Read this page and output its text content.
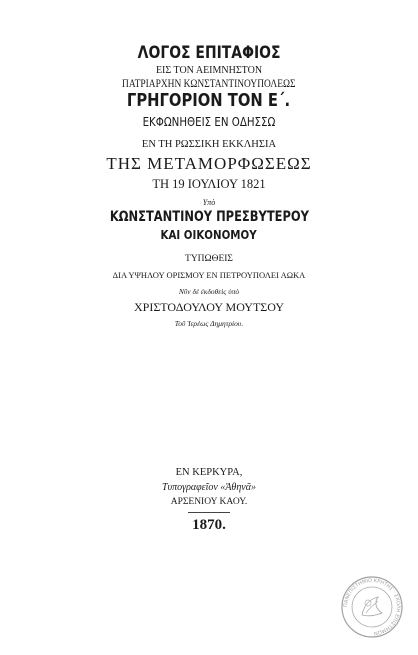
ΛΟΓΟΣ ΕΠΙΤΑΦΙΟΣ
ΕΙΣ ΤΟΝ ΑΕΙΜΝΗΣΤΟΝ
ΠΑΤΡΙΑΡΧΗΝ ΚΩΝΣΤΑΝΤΙΝΟΥΠΟΛΕΩΣ
ΓΡΗΓΟΡΙΟΝ ΤΟΝ Ε΄.
ΕΚΦΩΝΗΘΕΙΣ ΕΝ ΟΔΗΣΣΩ
ΕΝ ΤΗ ΡΩΣΣΙΚΗ ΕΚΚΛΗΣΙΑ
ΤΗΣ ΜΕΤΑΜΟΡΦΩΣΕΩΣ
ΤΗ 19 ΙΟΥΛΙΟΥ 1821
Υπὸ
ΚΩΝΣΤΑΝΤΙΝΟΥ ΠΡΕΣΒΥΤΕΡΟΥ
ΚΑΙ ΟΙΚΟΝΟΜΟΥ
ΤΥΠΩΘΕΙΣ
ΔΙΑ ΥΨΗΛΟΥ ΟΡΙΣΜΟΥ ΕΝ ΠΕΤΡΟΥΠΟΛΕΙ ΑΩΚΑ
Νῦν δὲ ἐκδοθεὶς ὑπὸ
ΧΡΙΣΤΟΔΟΥΛΟΥ ΜΟΥΤΣΟΥ
Τοῦ Ἱερέως Δημητρίου.
ΕΝ ΚΕΡΚΥΡΑ,
Τυπογραφεῖον «Ἀθηνᾶ»
ΑΡΣΕΝΙΟΥ ΚΑΟΥ.
1870.
ΠΑΝΕΠΙΣΤΗΜΙΟ ΚΡΗΤΗΣ · ΣΧΟΛΗ ΕΠΙΣΤΗΜΩΝ
